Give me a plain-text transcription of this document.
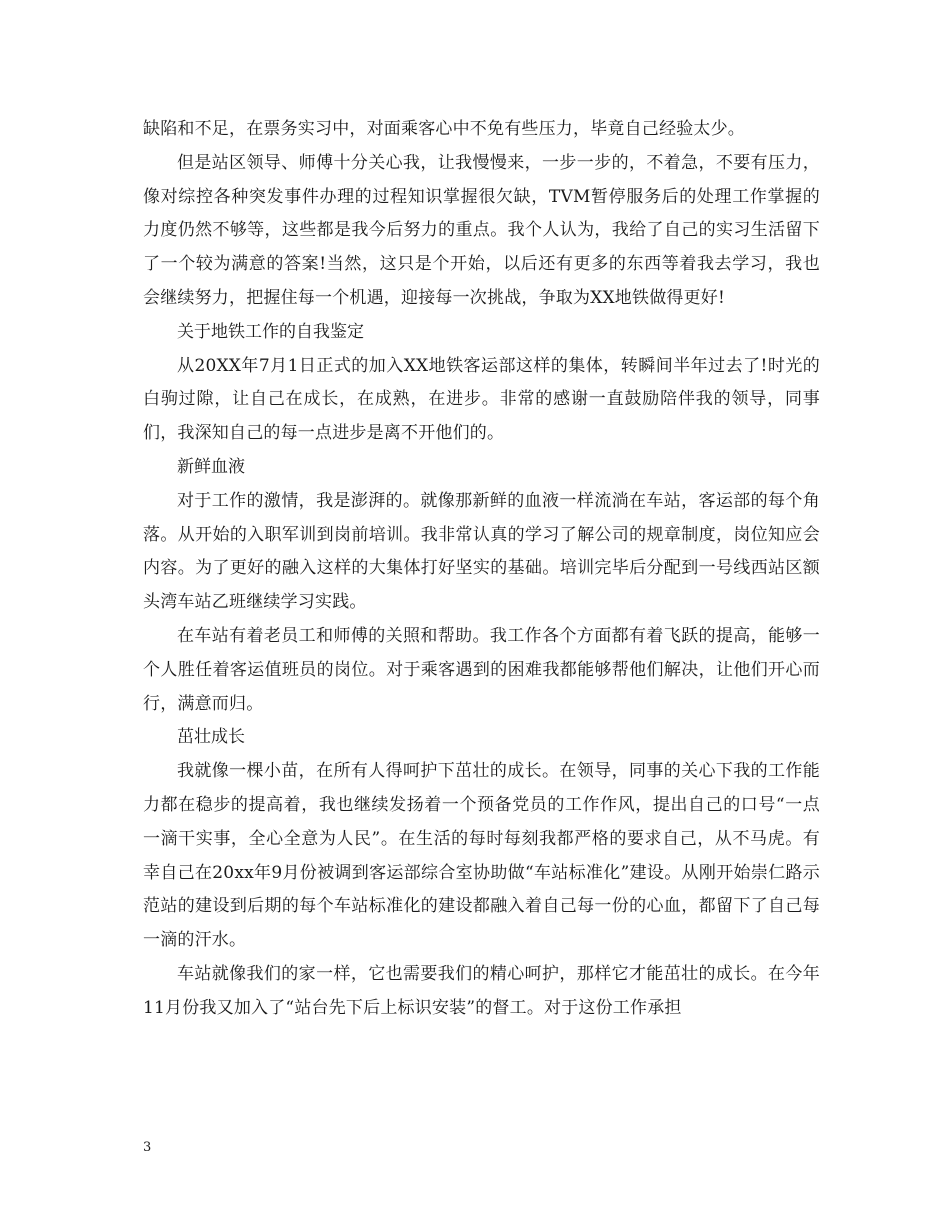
缺陷和不足，在票务实习中，对面乘客心中不免有些压力，毕竟自己经验太少。

但是站区领导、师傅十分关心我，让我慢慢来，一步一步的，不着急，不要有压力，像对综控各种突发事件办理的过程知识掌握很欠缺，TVM暂停服务后的处理工作掌握的力度仍然不够等，这些都是我今后努力的重点。我个人认为，我给了自己的实习生活留下了一个较为满意的答案!当然，这只是个开始，以后还有更多的东西等着我去学习，我也会继续努力，把握住每一个机遇，迎接每一次挑战，争取为XX地铁做得更好!

关于地铁工作的自我鉴定

从20XX年7月1日正式的加入XX地铁客运部这样的集体，转瞬间半年过去了!时光的白驹过隙，让自己在成长，在成熟，在进步。非常的感谢一直鼓励陪伴我的领导，同事们，我深知自己的每一点进步是离不开他们的。

新鲜血液

对于工作的激情，我是澎湃的。就像那新鲜的血液一样流淌在车站，客运部的每个角落。从开始的入职军训到岗前培训。我非常认真的学习了解公司的规章制度，岗位知应会内容。为了更好的融入这样的大集体打好坚实的基础。培训完毕后分配到一号线西站区额头湾车站乙班继续学习实践。

在车站有着老员工和师傅的关照和帮助。我工作各个方面都有着飞跃的提高，能够一个人胜任着客运值班员的岗位。对于乘客遇到的困难我都能够帮他们解决，让他们开心而行，满意而归。

茁壮成长

我就像一棵小苗，在所有人得呵护下茁壮的成长。在领导，同事的关心下我的工作能力都在稳步的提高着，我也继续发扬着一个预备党员的工作作风，提出自己的口号“一点一滴干实事，全心全意为人民”。在生活的每时每刻我都严格的要求自己，从不马虎。有幸自己在20xx年9月份被调到客运部综合室协助做“车站标准化”建设。从刚开始崇仁路示范站的建设到后期的每个车站标准化的建设都融入着自己每一份的心血，都留下了自己每一滴的汗水。

车站就像我们的家一样，它也需要我们的精心呵护，那样它才能茁壮的成长。在今年11月份我又加入了“站台先下后上标识安装”的督工。对于这份工作承担

3
